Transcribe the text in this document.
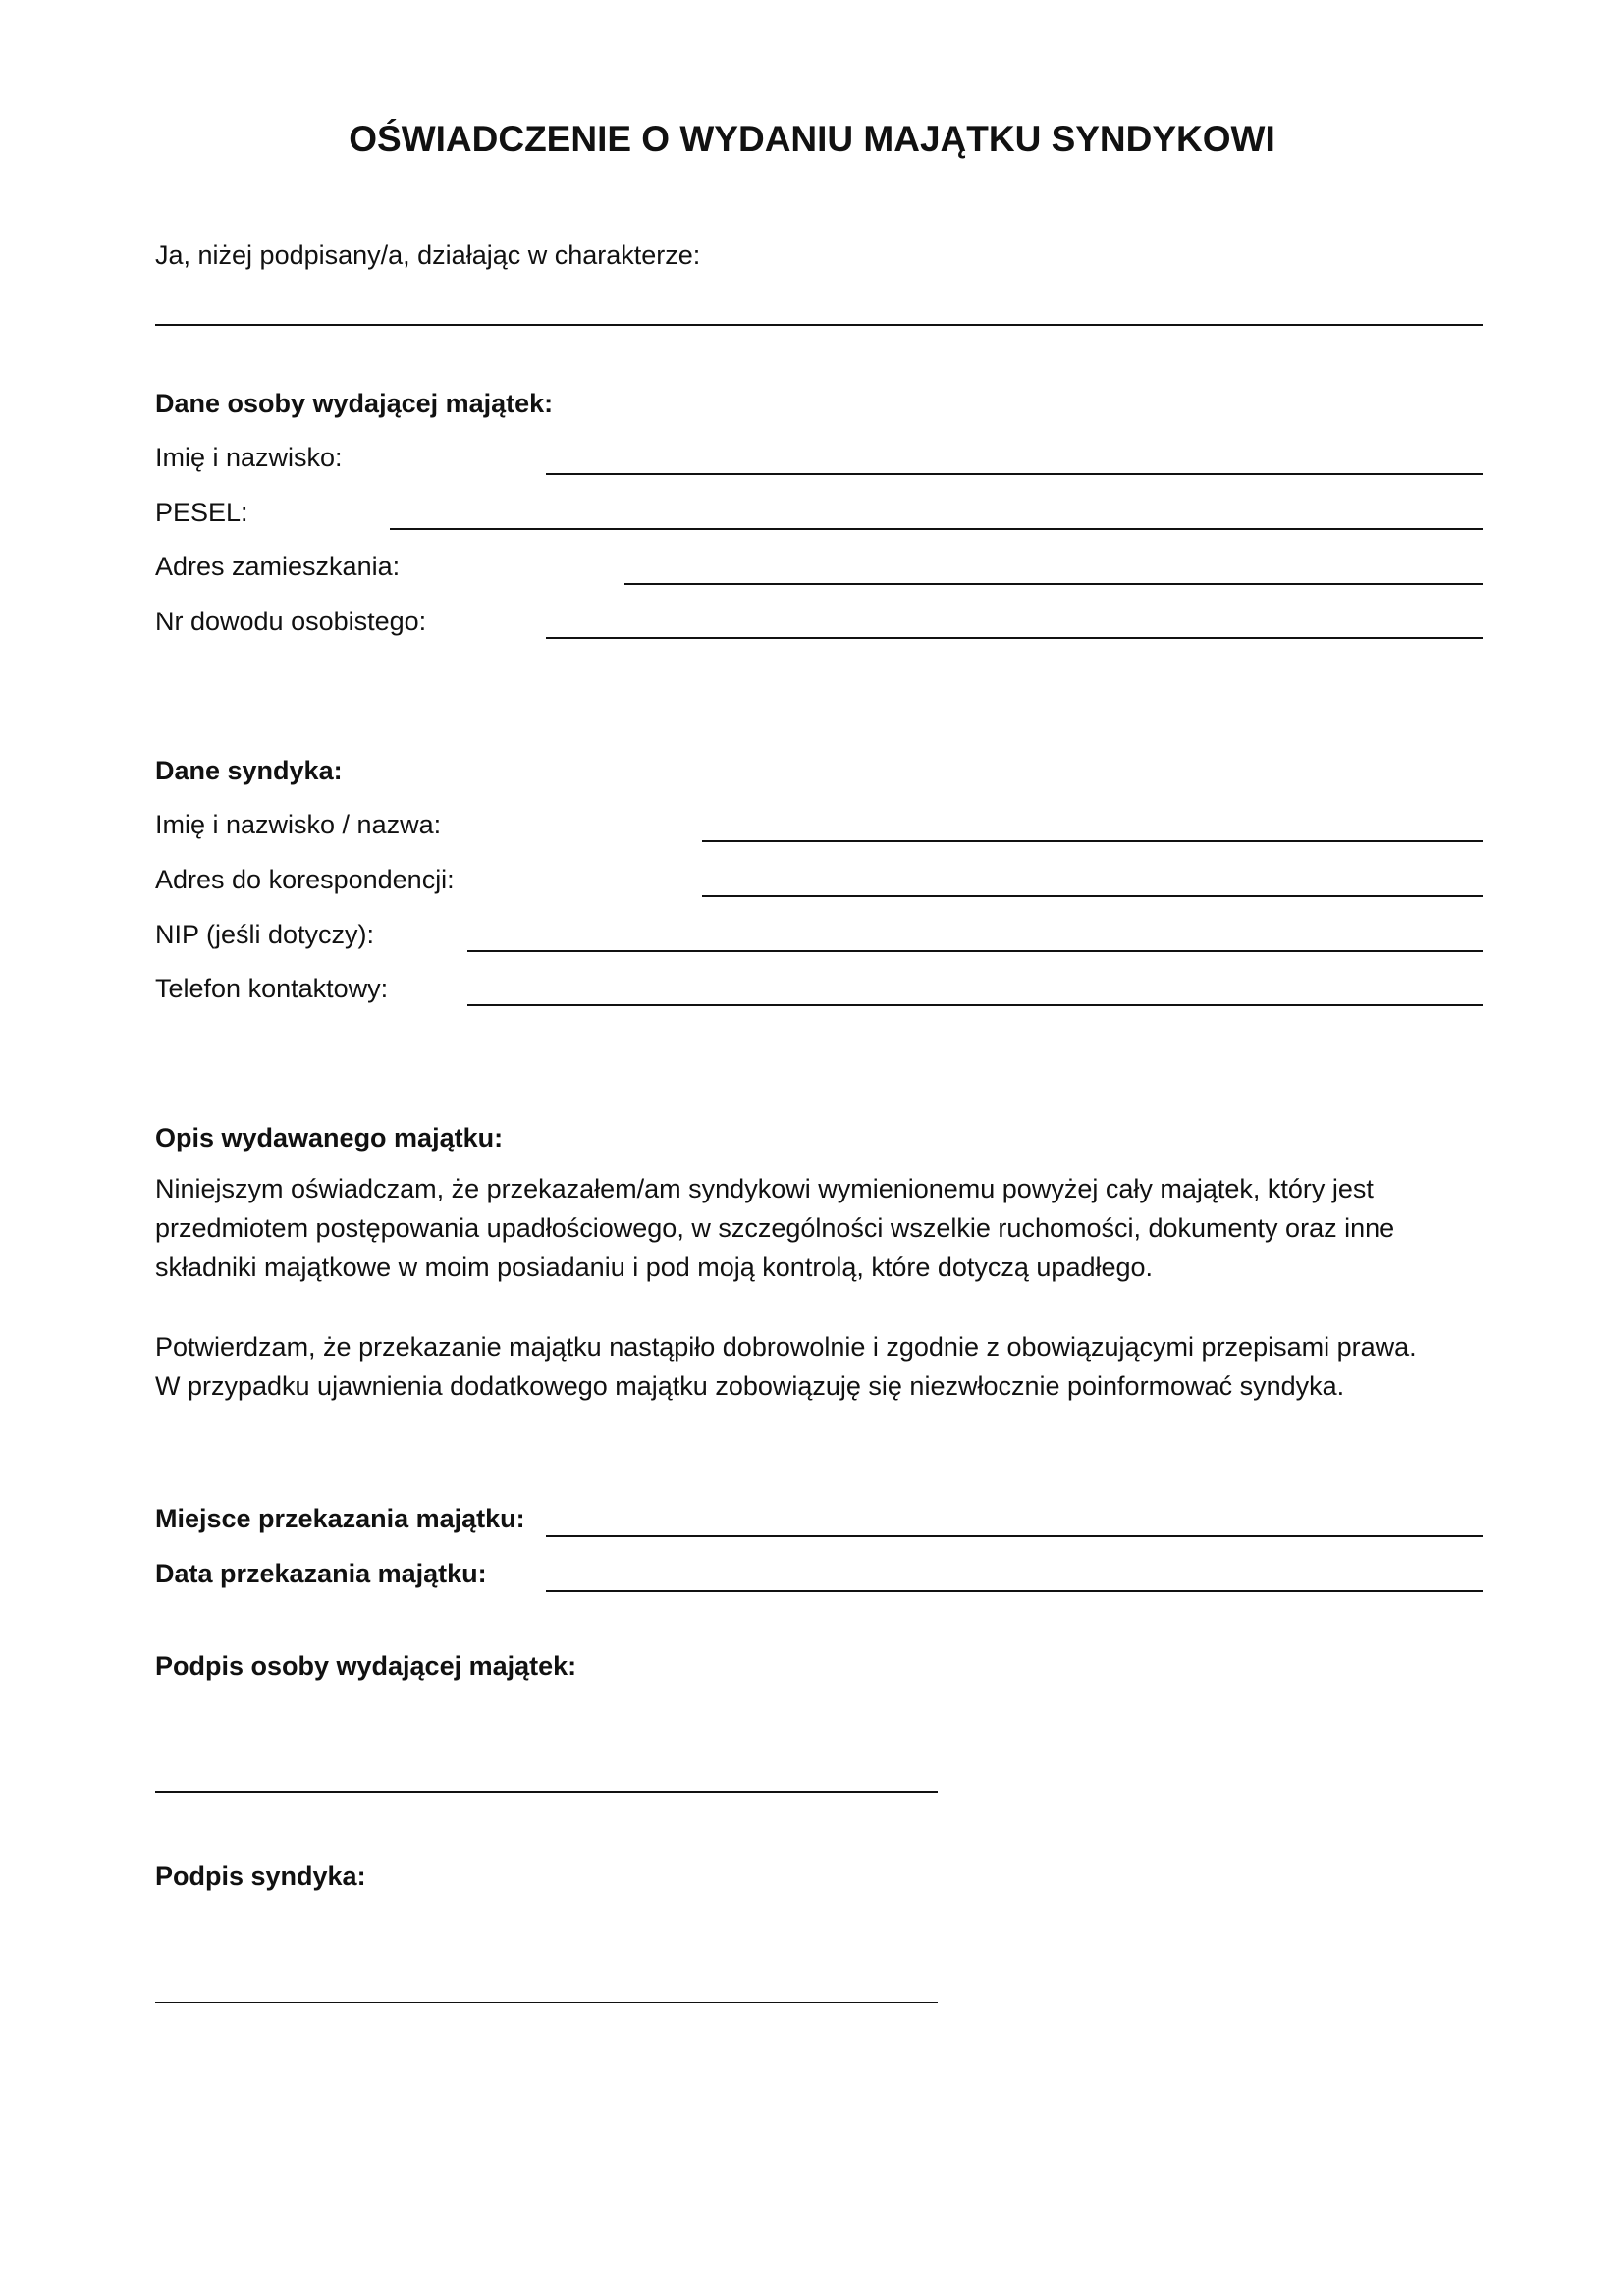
OŚWIADCZENIE O WYDANIU MAJĄTKU SYNDYKOWI
Ja, niżej podpisany/a, działając w charakterze:
Dane osoby wydającej majątek:
Imię i nazwisko:
PESEL:
Adres zamieszkania:
Nr dowodu osobistego:
Dane syndyka:
Imię i nazwisko / nazwa:
Adres do korespondencji:
NIP (jeśli dotyczy):
Telefon kontaktowy:
Opis wydawanego majątku:
Niniejszym oświadczam, że przekazałem/am syndykowi wymienionemu powyżej cały majątek, który jest
przedmiotem postępowania upadłościowego, w szczególności wszelkie ruchomości, dokumenty oraz inne
składniki majątkowe w moim posiadaniu i pod moją kontrolą, które dotyczą upadłego.
Potwierdzam, że przekazanie majątku nastąpiło dobrowolnie i zgodnie z obowiązującymi przepisami prawa.
W przypadku ujawnienia dodatkowego majątku zobowiązuję się niezwłocznie poinformować syndyka.
Miejsce przekazania majątku:
Data przekazania majątku:
Podpis osoby wydającej majątek:
Podpis syndyka:
